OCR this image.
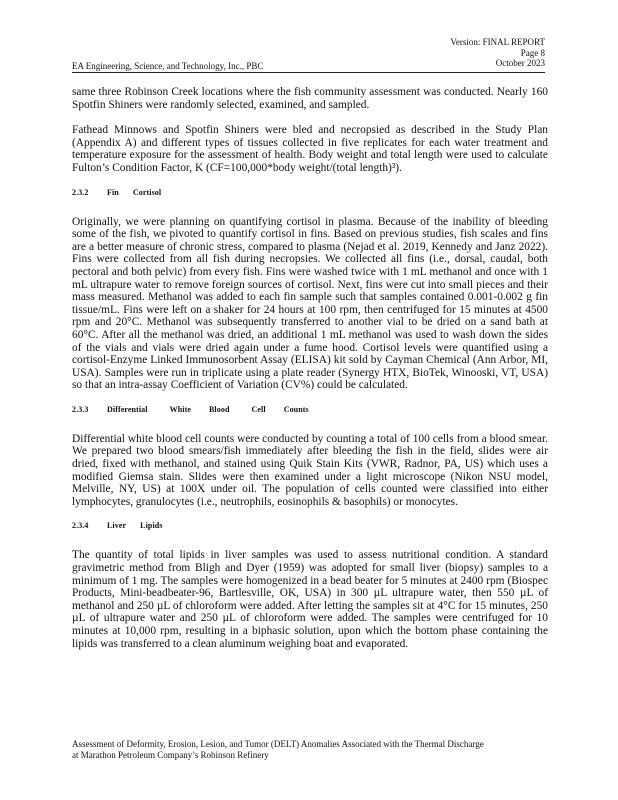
Version: FINAL REPORT
Page 8
October 2023
EA Engineering, Science, and Technology, Inc., PBC

same three Robinson Creek locations where the fish community assessment was conducted. Nearly 160 Spotfin Shiners were randomly selected, examined, and sampled.

Fathead Minnows and Spotfin Shiners were bled and necropsied as described in the Study Plan (Appendix A) and different types of tissues collected in five replicates for each water treatment and temperature exposure for the assessment of health. Body weight and total length were used to calculate Fulton’s Condition Factor, K (CF=100,000*body weight/(total length)³).

2.3.2 Fin Cortisol

Originally, we were planning on quantifying cortisol in plasma. Because of the inability of bleeding some of the fish, we pivoted to quantify cortisol in fins. Based on previous studies, fish scales and fins are a better measure of chronic stress, compared to plasma (Nejad et al. 2019, Kennedy and Janz 2022). Fins were collected from all fish during necropsies. We collected all fins (i.e., dorsal, caudal, both pectoral and both pelvic) from every fish. Fins were washed twice with 1 mL methanol and once with 1 mL ultrapure water to remove foreign sources of cortisol. Next, fins were cut into small pieces and their mass measured. Methanol was added to each fin sample such that samples contained 0.001-0.002 g fin tissue/mL. Fins were left on a shaker for 24 hours at 100 rpm, then centrifuged for 15 minutes at 4500 rpm and 20°C. Methanol was subsequently transferred to another vial to be dried on a sand bath at 60°C. After all the methanol was dried, an additional 1 mL methanol was used to wash down the sides of the vials and vials were dried again under a fume hood. Cortisol levels were quantified using a cortisol-Enzyme Linked Immunosorbent Assay (ELISA) kit sold by Cayman Chemical (Ann Arbor, MI, USA). Samples were run in triplicate using a plate reader (Synergy HTX, BioTek, Winooski, VT, USA) so that an intra-assay Coefficient of Variation (CV%) could be calculated.

2.3.3 Differential	White Blood	Cell Counts

Differential white blood cell counts were conducted by counting a total of 100 cells from a blood smear. We prepared two blood smears/fish immediately after bleeding the fish in the field, slides were air dried, fixed with methanol, and stained using Quik Stain Kits (VWR, Radnor, PA, US) which uses a modified Giemsa stain. Slides were then examined under a light microscope (Nikon NSU model, Melville, NY, US) at 100X under oil. The population of cells counted were classified into either lymphocytes, granulocytes (i.e., neutrophils, eosinophils & basophils) or monocytes.

2.3.4 Liver Lipids

The quantity of total lipids in liver samples was used to assess nutritional condition. A standard gravimetric method from Bligh and Dyer (1959) was adopted for small liver (biopsy) samples to a minimum of 1 mg. The samples were homogenized in a bead beater for 5 minutes at 2400 rpm (Biospec Products, Mini-beadbeater-96, Bartlesville, OK, USA) in 300 µL ultrapure water, then 550 µL of methanol and 250 µL of chloroform were added. After letting the samples sit at 4°C for 15 minutes, 250 µL of ultrapure water and 250 µL of chloroform were added. The samples were centrifuged for 10 minutes at 10,000 rpm, resulting in a biphasic solution, upon which the bottom phase containing the lipids was transferred to a clean aluminum weighing boat and evaporated.

Assessment of Deformity, Erosion, Lesion, and Tumor (DELT) Anomalies Associated with the Thermal Discharge
at Marathon Petroleum Company’s Robinson Refinery
